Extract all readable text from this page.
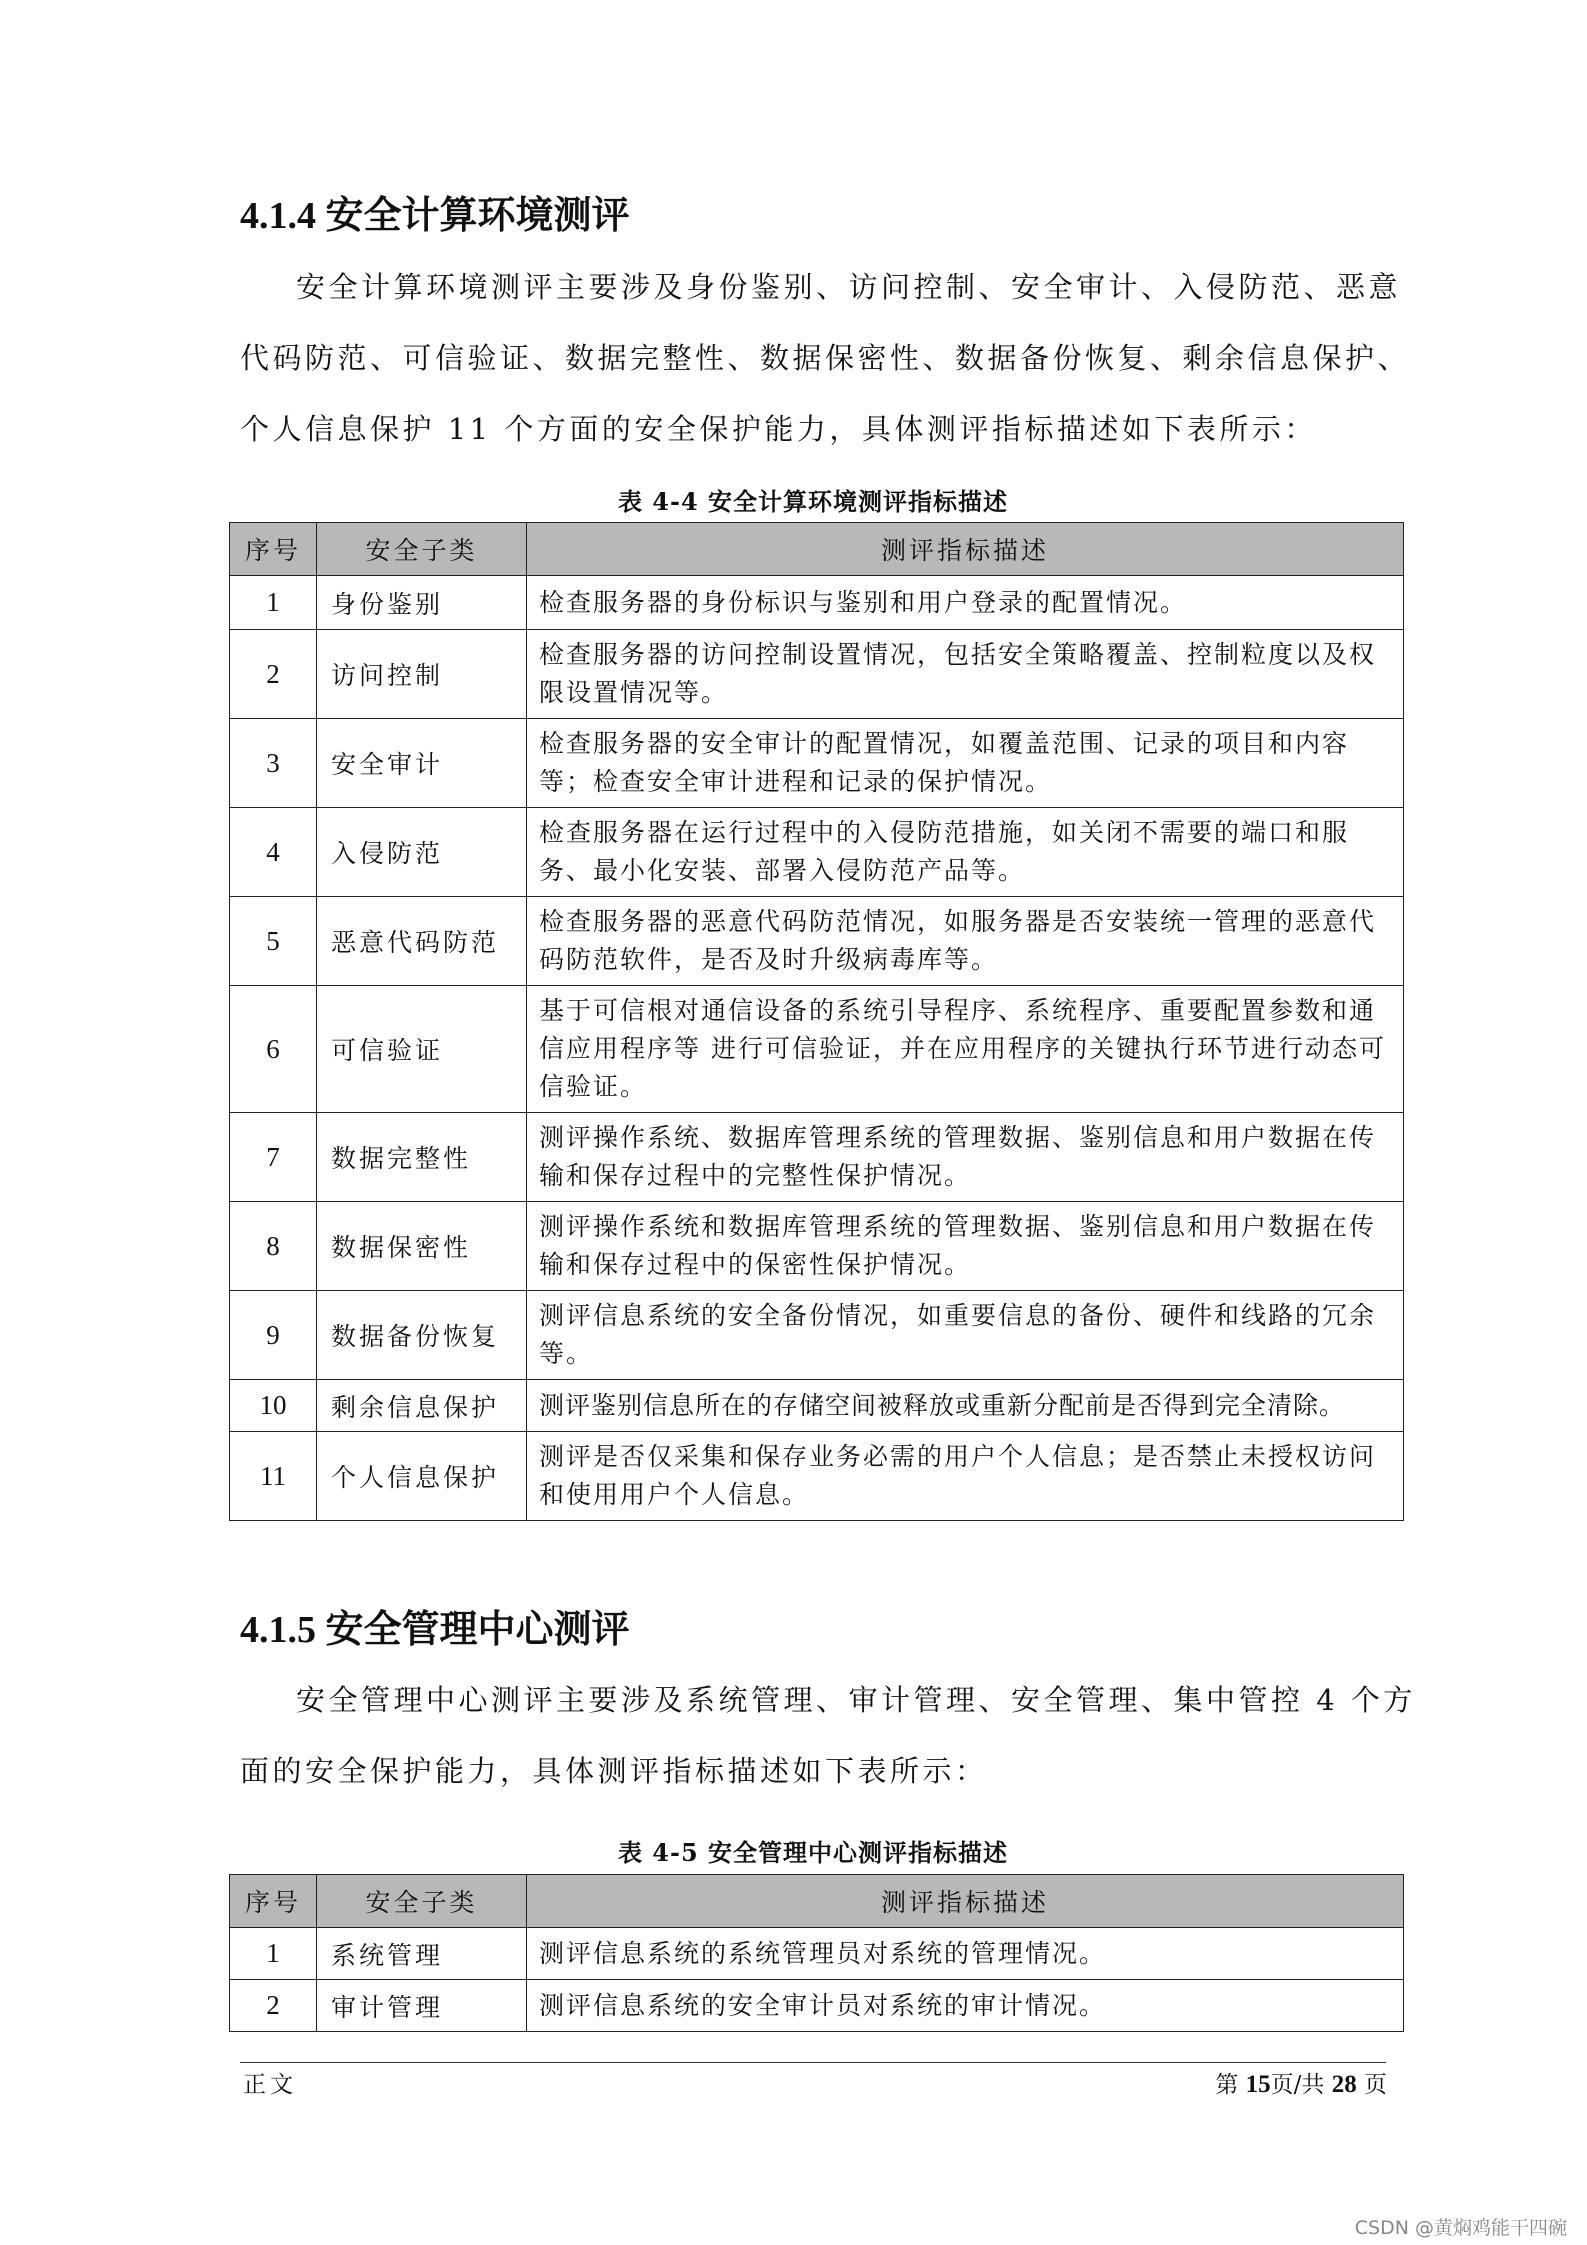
4.1.4 安全计算环境测评
安全计算环境测评主要涉及身份鉴别、访问控制、安全审计、入侵防范、恶意
代码防范、可信验证、数据完整性、数据保密性、数据备份恢复、剩余信息保护、
个人信息保护 11 个方面的安全保护能力，具体测评指标描述如下表所示：
表 4-4 安全计算环境测评指标描述
序号	安全子类	测评指标描述
1	身份鉴别	检查服务器的身份标识与鉴别和用户登录的配置情况。
2	访问控制	检查服务器的访问控制设置情况，包括安全策略覆盖、控制粒度以及权限设置情况等。
3	安全审计	检查服务器的安全审计的配置情况，如覆盖范围、记录的项目和内容等；检查安全审计进程和记录的保护情况。
4	入侵防范	检查服务器在运行过程中的入侵防范措施，如关闭不需要的端口和服务、最小化安装、部署入侵防范产品等。
5	恶意代码防范	检查服务器的恶意代码防范情况，如服务器是否安装统一管理的恶意代码防范软件，是否及时升级病毒库等。
6	可信验证	基于可信根对通信设备的系统引导程序、系统程序、重要配置参数和通信应用程序等 进行可信验证，并在应用程序的关键执行环节进行动态可信验证。
7	数据完整性	测评操作系统、数据库管理系统的管理数据、鉴别信息和用户数据在传输和保存过程中的完整性保护情况。
8	数据保密性	测评操作系统和数据库管理系统的管理数据、鉴别信息和用户数据在传输和保存过程中的保密性保护情况。
9	数据备份恢复	测评信息系统的安全备份情况，如重要信息的备份、硬件和线路的冗余等。
10	剩余信息保护	测评鉴别信息所在的存储空间被释放或重新分配前是否得到完全清除。
11	个人信息保护	测评是否仅采集和保存业务必需的用户个人信息；是否禁止未授权访问和使用用户个人信息。
4.1.5 安全管理中心测评
安全管理中心测评主要涉及系统管理、审计管理、安全管理、集中管控 4 个方
面的安全保护能力，具体测评指标描述如下表所示：
表 4-5 安全管理中心测评指标描述
序号	安全子类	测评指标描述
1	系统管理	测评信息系统的系统管理员对系统的管理情况。
2	审计管理	测评信息系统的安全审计员对系统的审计情况。
正文	第 15页/共 28 页
CSDN @黄焖鸡能干四碗
